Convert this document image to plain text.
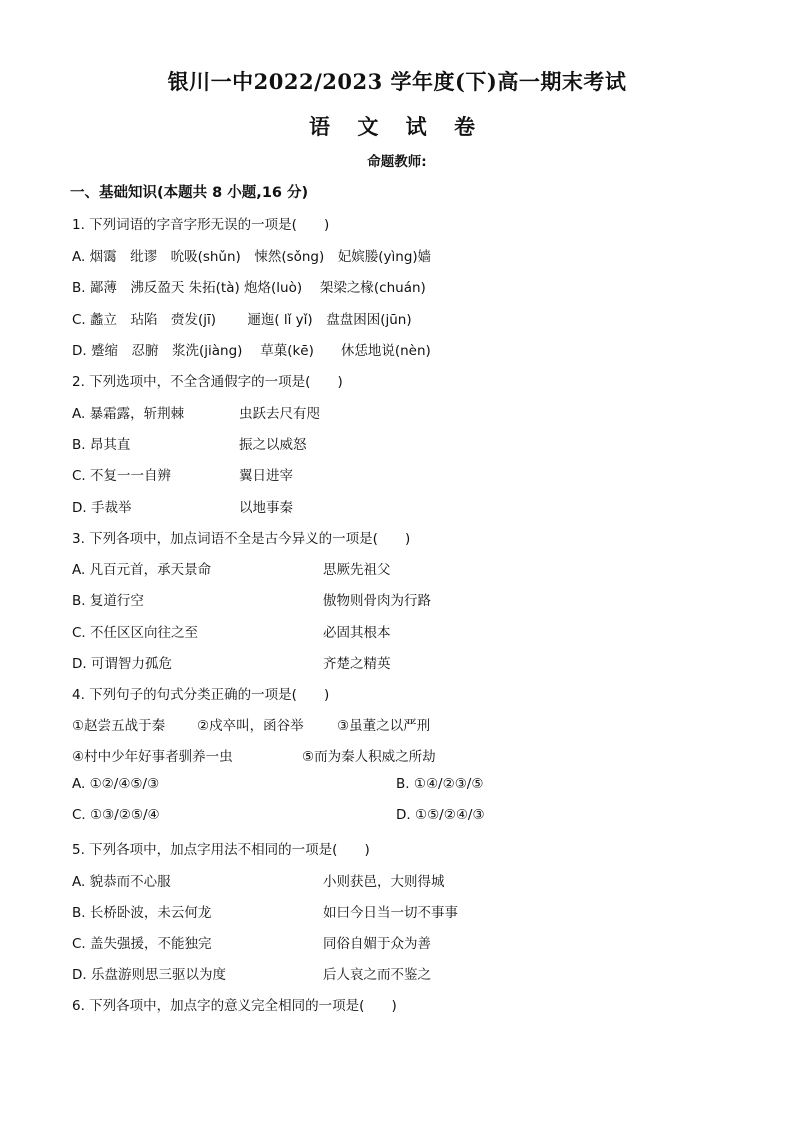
银川一中2022/2023 学年度(下)高一期末考试
语 文 试 卷
命题教师:
一、基础知识(本题共 8 小题,16 分)
1. 下列词语的字音字形无误的一项是(　　)
A. 烟霭　纰谬　吮吸(shǔn)　悚然(sǒng)　妃嫔媵(yìng)嫱
B. 鄙薄　沸反盈天 朱拓(tà) 炮烙(luò)　 架梁之椽(chuán)
C. 蠡立　玷陷　赍发(jī)　　 逦迤( lǐ yǐ)　盘盘困困(jūn)
D. 蹙缩　忍腑　浆洗(jiàng)　 草菓(kē)　　休恁地说(nèn)
2. 下列选项中，不全含通假字的一项是(　　)
A. 暴霜露，斩荆棘	虫跃去尺有咫
B. 昂其直	振之以威怒
C. 不复一一自辨	翼日进宰
D. 手裁举	以地事秦
3. 下列各项中，加点词语不全是古今异义的一项是(　　)
A. 凡百元首，承天景命	思厥先祖父
B. 复道行空	傲物则骨肉为行路
C. 不任区区向往之至	必固其根本
D. 可谓智力孤危	齐楚之精英
4. 下列句子的句式分类正确的一项是(　　)
①赵尝五战于秦 ②戍卒叫，函谷举 ③虽董之以严刑
④村中少年好事者驯养一虫	⑤而为秦人积威之所劫
A. ①②/④⑤/③	B. ①④/②③/⑤
C. ①③/②⑤/④	D. ①⑤/②④/③
5. 下列各项中，加点字用法不相同的一项是(　　)
A. 貌恭而不心服	小则获邑，大则得城
B. 长桥卧波，未云何龙	如曰今日当一切不事事
C. 盖失强援，不能独完	同俗自媚于众为善
D. 乐盘游则思三驱以为度	后人哀之而不鉴之
6. 下列各项中，加点字的意义完全相同的一项是(　　)
